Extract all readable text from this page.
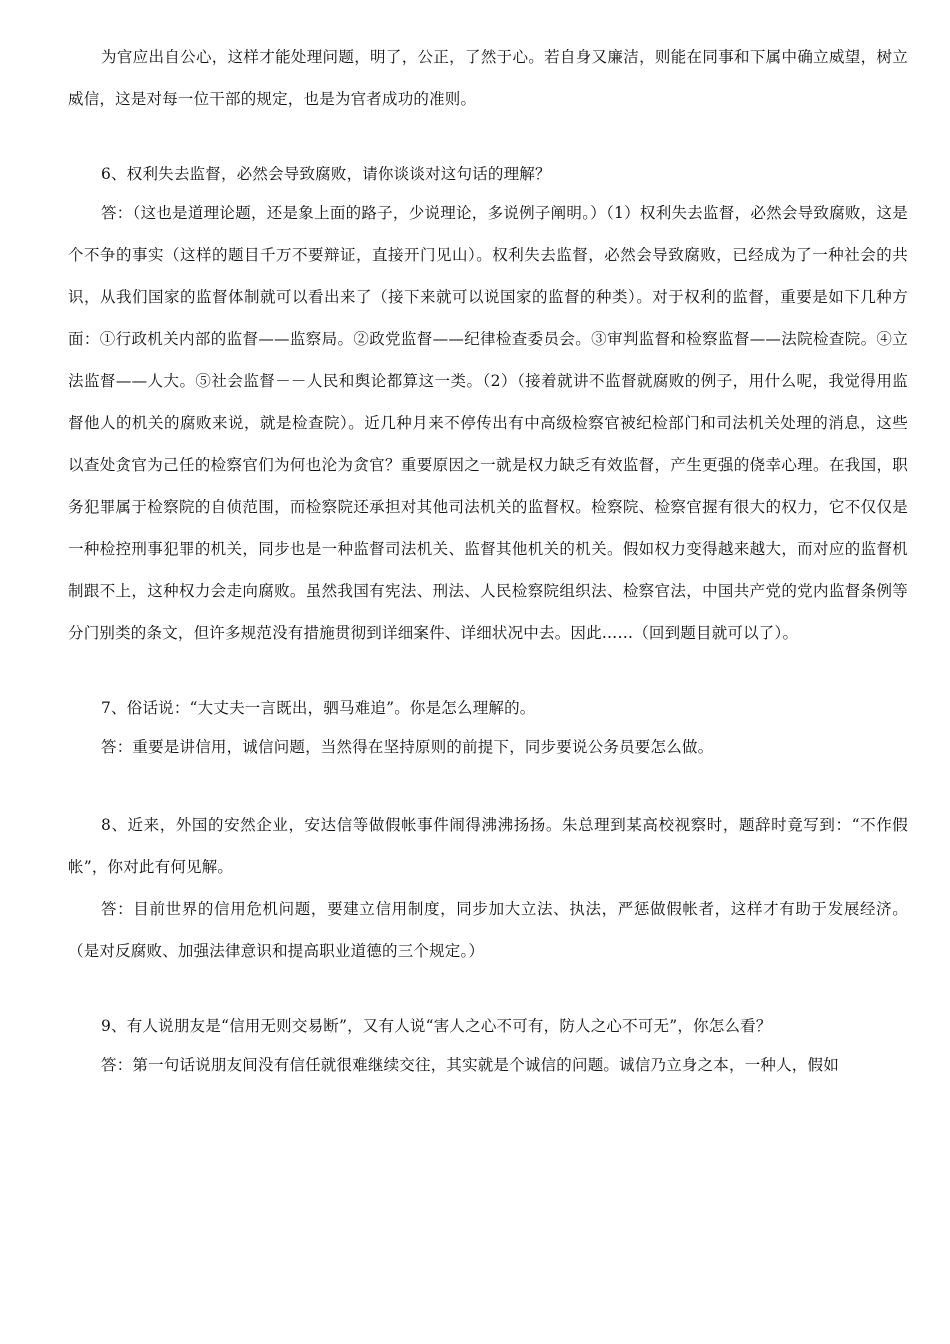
为官应出自公心，这样才能处理问题，明了，公正，了然于心。若自身又廉洁，则能在同事和下属中确立威望，树立威信，这是对每一位干部的规定，也是为官者成功的准则。

6、权利失去监督，必然会导致腐败，请你谈谈对这句话的理解？

答：（这也是道理论题，还是象上面的路子，少说理论，多说例子阐明。）（1）权利失去监督，必然会导致腐败，这是个不争的事实（这样的题目千万不要辩证，直接开门见山）。权利失去监督，必然会导致腐败，已经成为了一种社会的共识，从我们国家的监督体制就可以看出来了（接下来就可以说国家的监督的种类）。对于权利的监督，重要是如下几种方面：①行政机关内部的监督——监察局。②政党监督——纪律检查委员会。③审判监督和检察监督——法院检查院。④立法监督——人大。⑤社会监督－－人民和舆论都算这一类。（2）（接着就讲不监督就腐败的例子，用什么呢，我觉得用监督他人的机关的腐败来说，就是检查院）。近几种月来不停传出有中高级检察官被纪检部门和司法机关处理的消息，这些以查处贪官为己任的检察官们为何也沦为贪官？重要原因之一就是权力缺乏有效监督，产生更强的侥幸心理。在我国，职务犯罪属于检察院的自侦范围，而检察院还承担对其他司法机关的监督权。检察院、检察官握有很大的权力，它不仅仅是一种检控刑事犯罪的机关，同步也是一种监督司法机关、监督其他机关的机关。假如权力变得越来越大，而对应的监督机制跟不上，这种权力会走向腐败。虽然我国有宪法、刑法、人民检察院组织法、检察官法，中国共产党的党内监督条例等分门别类的条文，但许多规范没有措施贯彻到详细案件、详细状况中去。因此……（回到题目就可以了）。

7、俗话说：“大丈夫一言既出，驷马难追”。你是怎么理解的。

答：重要是讲信用，诚信问题，当然得在坚持原则的前提下，同步要说公务员要怎么做。

8、近来，外国的安然企业，安达信等做假帐事件闹得沸沸扬扬。朱总理到某高校视察时，题辞时竟写到：“不作假帐”，你对此有何见解。

答：目前世界的信用危机问题，要建立信用制度，同步加大立法、执法，严惩做假帐者，这样才有助于发展经济。（是对反腐败、加强法律意识和提高职业道德的三个规定。）

9、有人说朋友是“信用无则交易断”，又有人说“害人之心不可有，防人之心不可无”，你怎么看？

答：第一句话说朋友间没有信任就很难继续交往，其实就是个诚信的问题。诚信乃立身之本，一种人，假如
